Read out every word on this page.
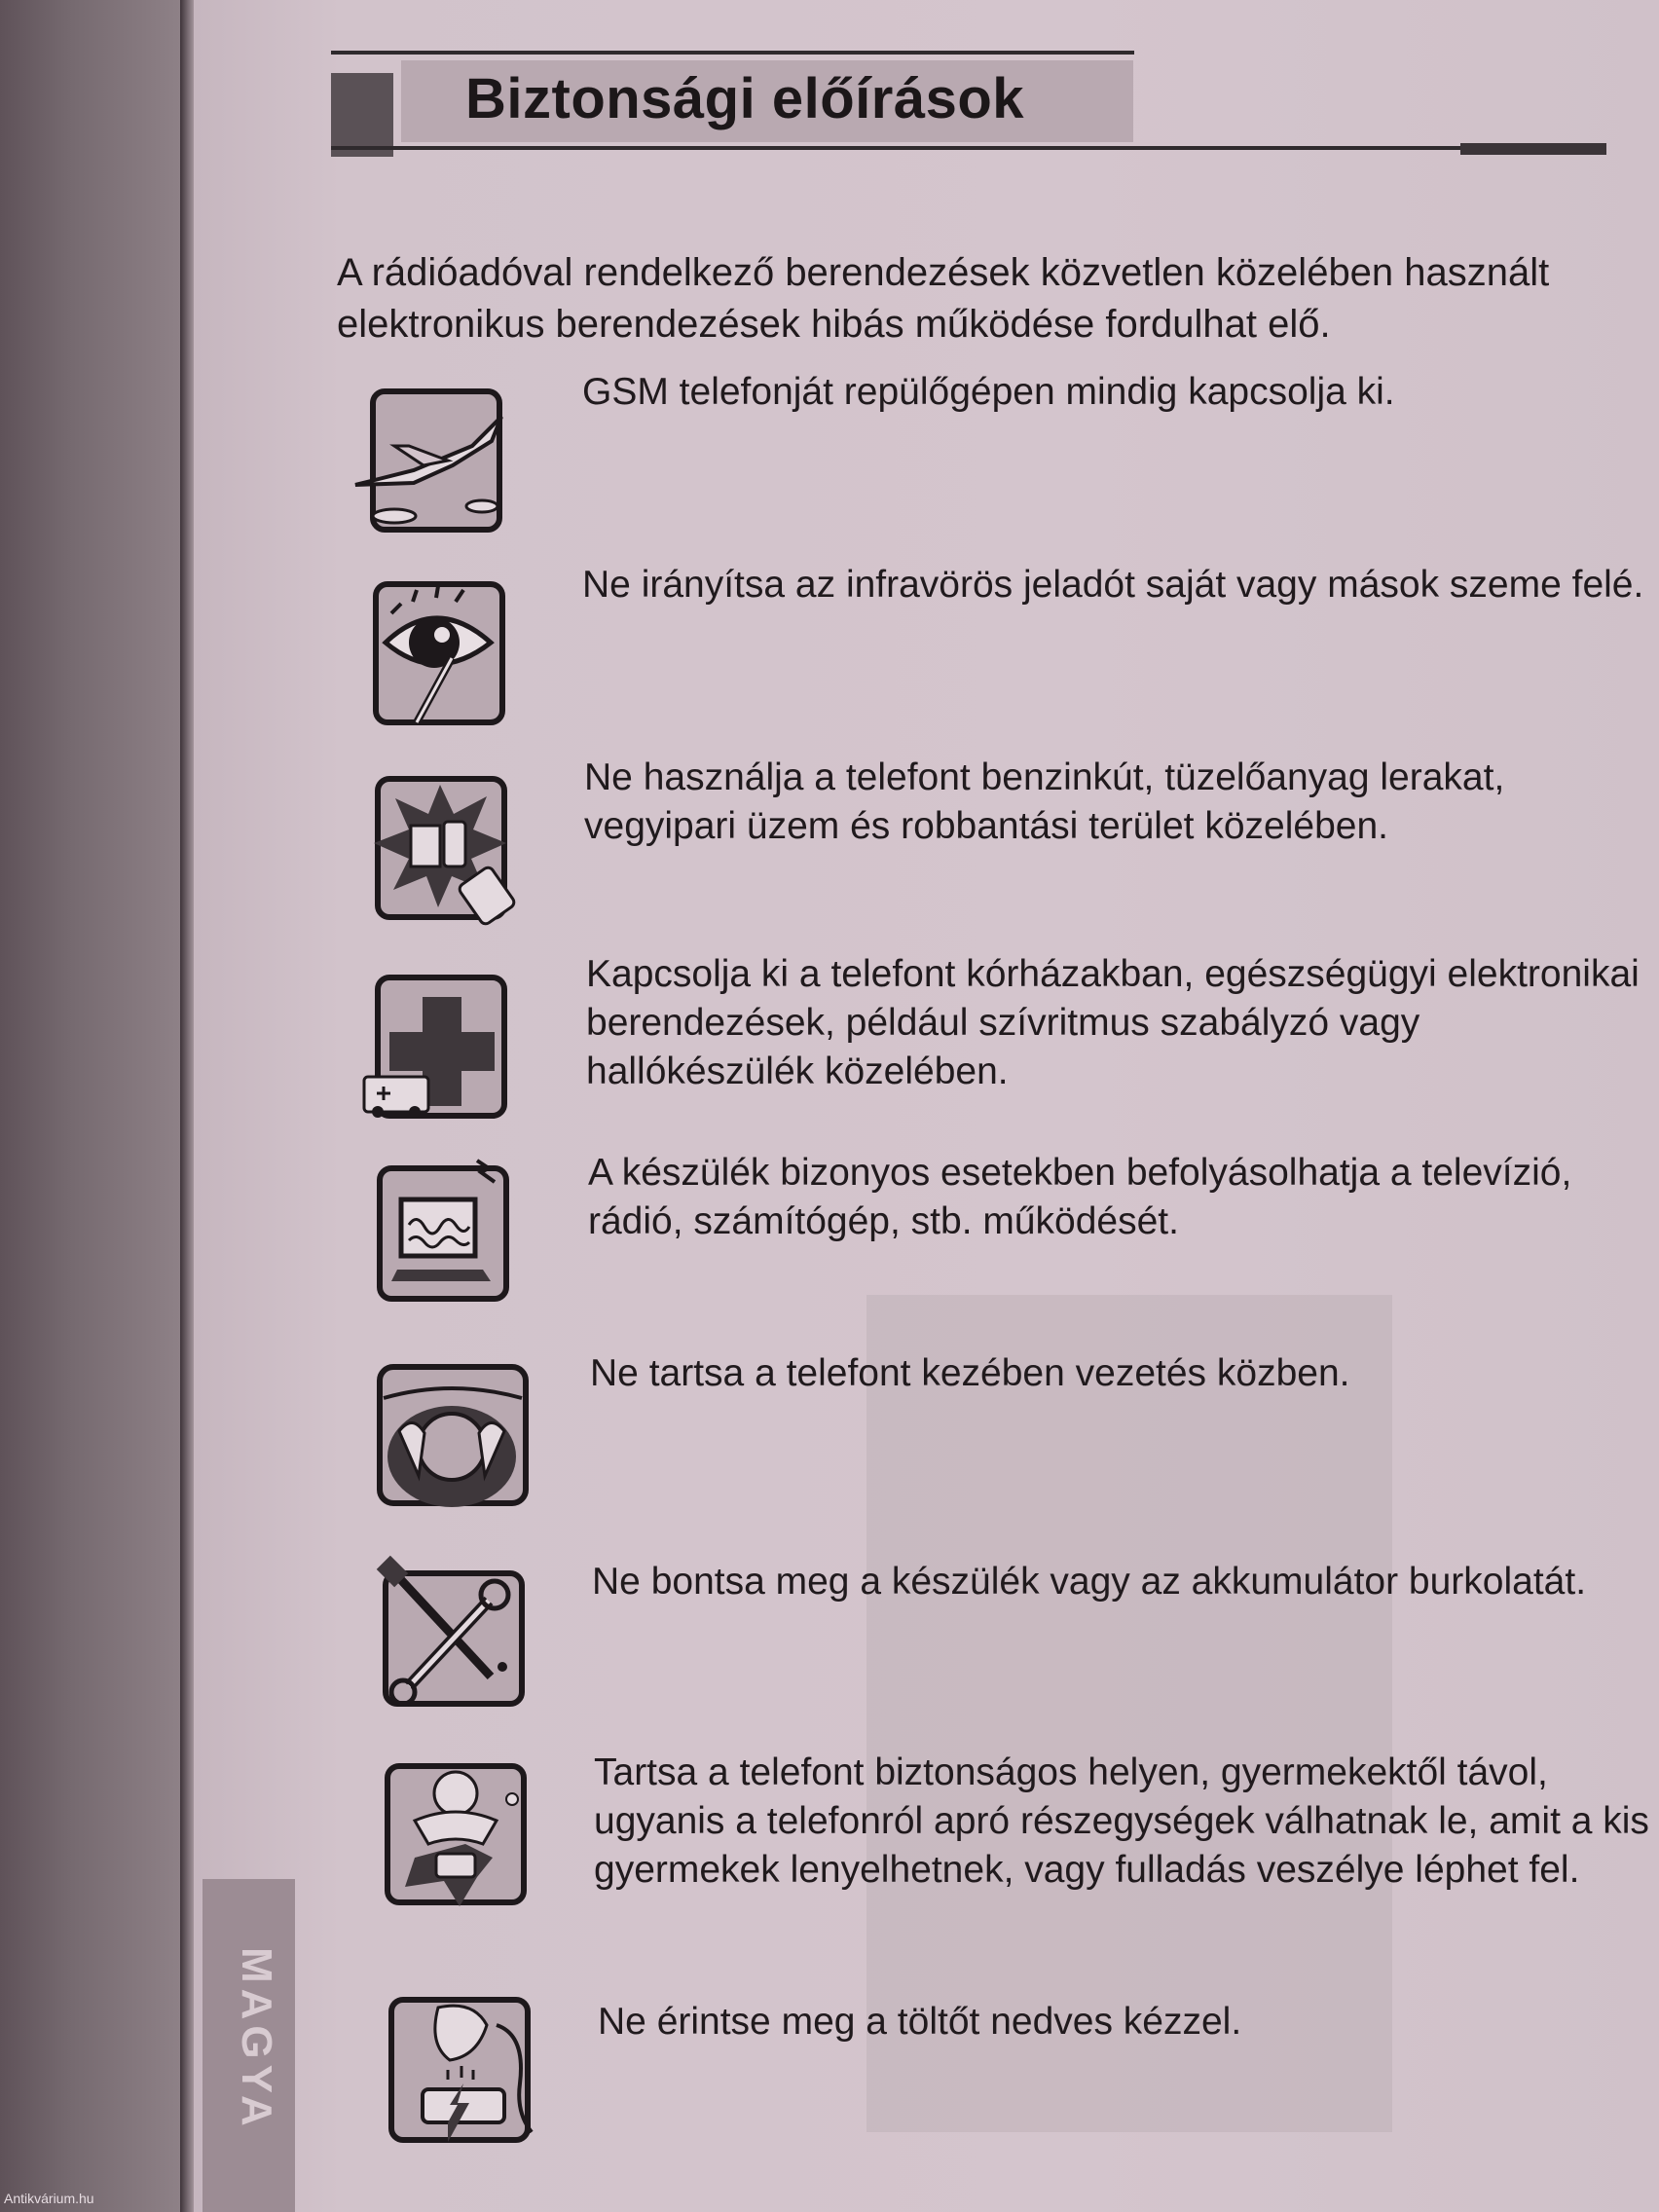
Biztonsági előírások
A rádióadóval rendelkező berendezések közvetlen közelében használt elektronikus berendezések hibás működése fordulhat elő.
GSM telefonját repülőgépen mindig kapcsolja ki.
Ne irányítsa az infravörös jeladót saját vagy mások szeme felé.
Ne használja a telefont benzinkút, tüzelőanyag lerakat, vegyipari üzem és robbantási terület közelében.
Kapcsolja ki a telefont kórházakban, egészségügyi elektronikai berendezések, például szívritmus szabályzó vagy hallókészülék közelében.
A készülék bizonyos esetekben befolyásolhatja a televízió, rádió, számítógép, stb. működését.
Ne tartsa a telefont kezében vezetés közben.
Ne bontsa meg a készülék vagy az akkumulátor burkolatát.
Tartsa a telefont biztonságos helyen, gyermekektől távol, ugyanis a telefonról apró részegységek válhatnak le, amit a kis gyermekek lenyelhetnek, vagy fulladás veszélye léphet fel.
Ne érintse meg a töltőt nedves kézzel.
MAGYA
Antikvárium.hu
